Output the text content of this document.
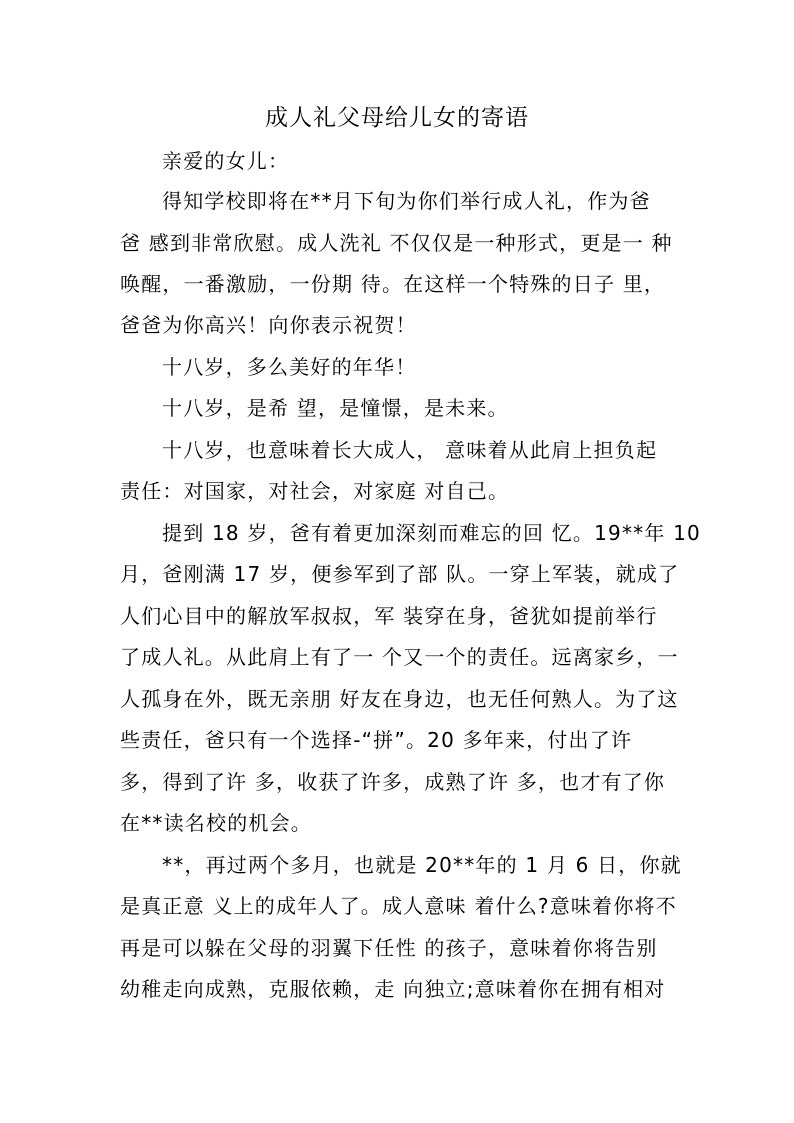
成人礼父母给儿女的寄语
亲爱的女儿：
得知学校即将在**月下旬为你们举行成人礼，作为爸
爸 感到非常欣慰。成人洗礼 不仅仅是一种形式，更是一 种
唤醒，一番激励，一份期 待。在这样一个特殊的日子 里，
爸爸为你高兴！向你表示祝贺！
十八岁，多么美好的年华！
十八岁，是希 望，是憧憬，是未来。
十八岁，也意味着长大成人， 意味着从此肩上担负起
责任：对国家，对社会，对家庭 对自己。
提到 18 岁，爸有着更加深刻而难忘的回 忆。19**年 10
月，爸刚满 17 岁，便参军到了部 队。一穿上军装，就成了
人们心目中的解放军叔叔，军 装穿在身，爸犹如提前举行
了成人礼。从此肩上有了一 个又一个的责任。远离家乡，一
人孤身在外，既无亲朋 好友在身边，也无任何熟人。为了这
些责任，爸只有一个选择-“拼”。20 多年来，付出了许
多，得到了许 多，收获了许多，成熟了许 多，也才有了你
在**读名校的机会。
**，再过两个多月，也就是 20**年的 1 月 6 日，你就
是真正意 义上的成年人了。成人意味 着什么?意味着你将不
再是可以躲在父母的羽翼下任性 的孩子，意味着你将告别
幼稚走向成熟，克服依赖，走 向独立;意味着你在拥有相对
